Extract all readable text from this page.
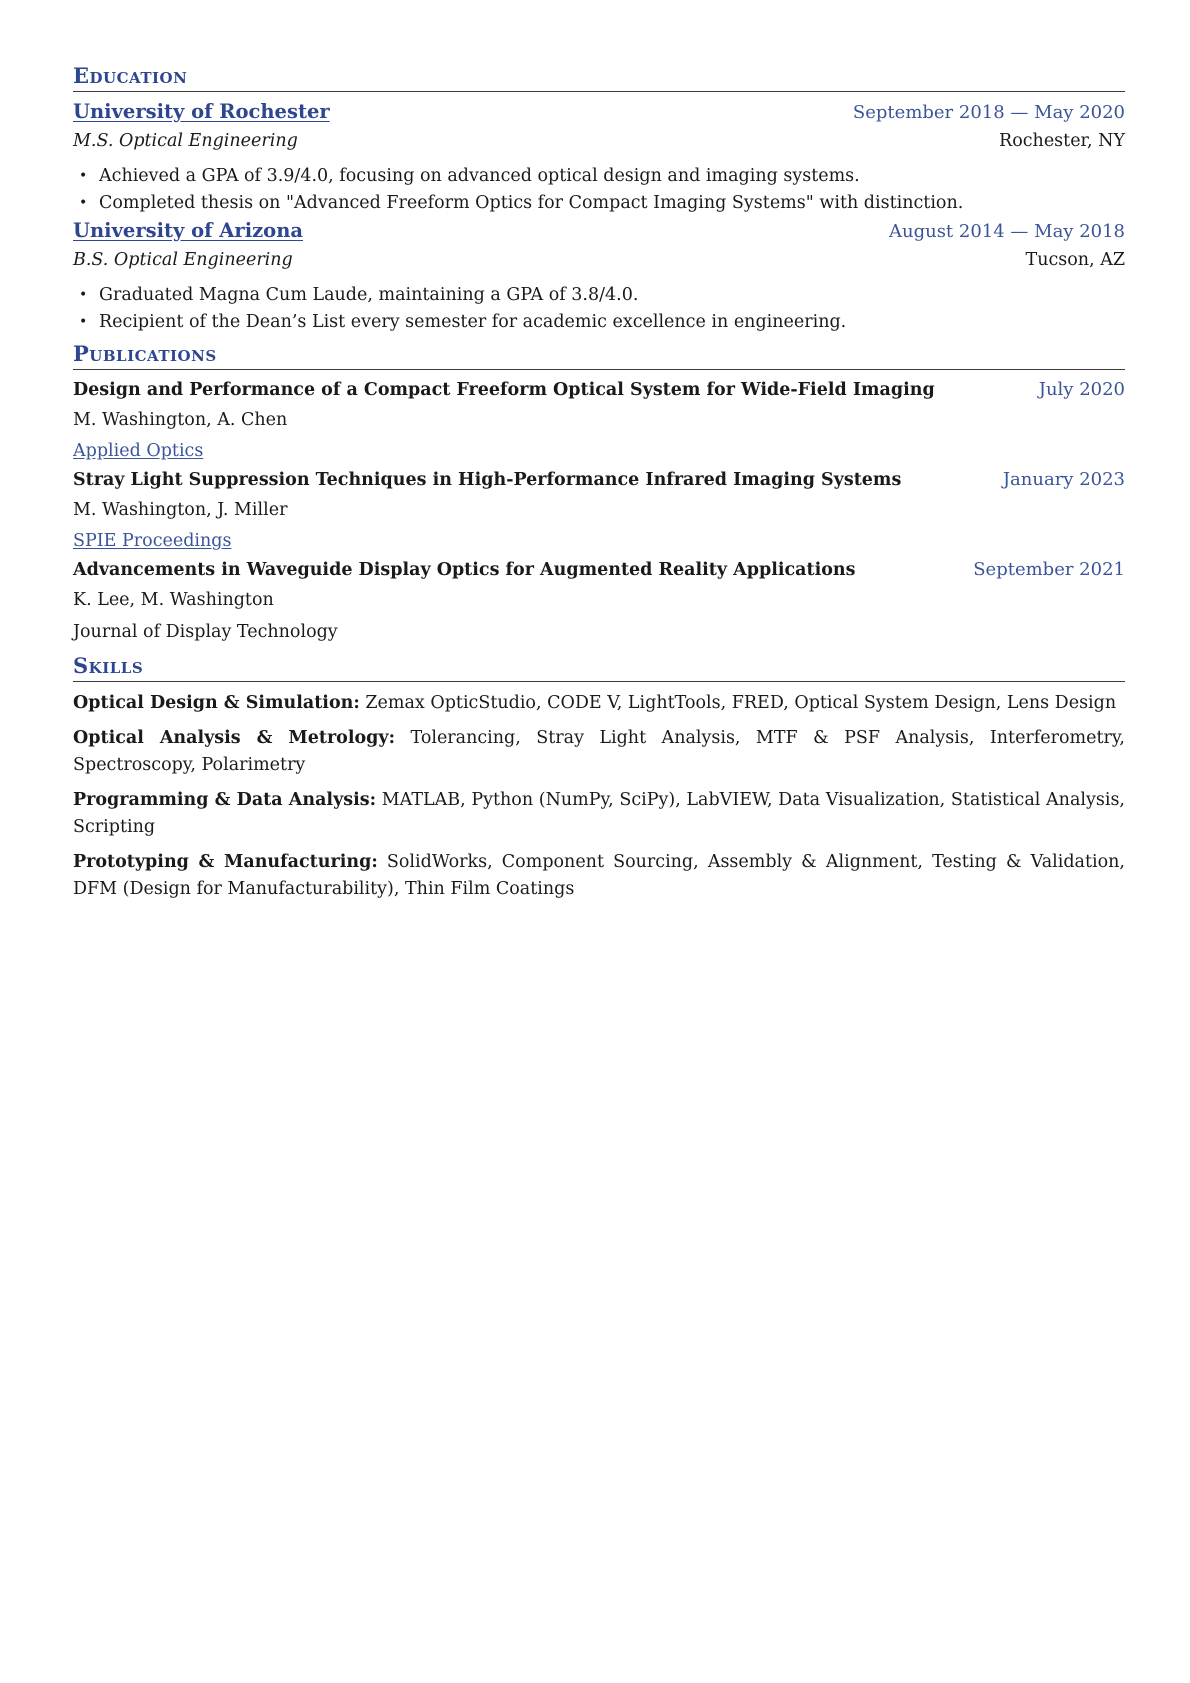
Education
University of Rochester	September 2018 — May 2020
M.S. Optical Engineering	Rochester, NY
• Achieved a GPA of 3.9/4.0, focusing on advanced optical design and imaging systems.
• Completed thesis on "Advanced Freeform Optics for Compact Imaging Systems" with distinction.
University of Arizona	August 2014 — May 2018
B.S. Optical Engineering	Tucson, AZ
• Graduated Magna Cum Laude, maintaining a GPA of 3.8/4.0.
• Recipient of the Dean’s List every semester for academic excellence in engineering.
Publications
Design and Performance of a Compact Freeform Optical System for Wide-Field Imaging	July 2020
M. Washington, A. Chen
Applied Optics
Stray Light Suppression Techniques in High-Performance Infrared Imaging Systems	January 2023
M. Washington, J. Miller
SPIE Proceedings
Advancements in Waveguide Display Optics for Augmented Reality Applications	September 2021
K. Lee, M. Washington
Journal of Display Technology
Skills

Optical Design & Simulation: Zemax OpticStudio, CODE V, LightTools, FRED, Optical System Design, Lens Design

Optical Analysis & Metrology: Tolerancing, Stray Light Analysis, MTF & PSF Analysis, Interferometry, Spectroscopy, Polarimetry

Programming & Data Analysis: MATLAB, Python (NumPy, SciPy), LabVIEW, Data Visualization, Statistical Analysis, Scripting

Prototyping & Manufacturing: SolidWorks, Component Sourcing, Assembly & Alignment, Testing & Validation, DFM (Design for Manufacturability), Thin Film Coatings
